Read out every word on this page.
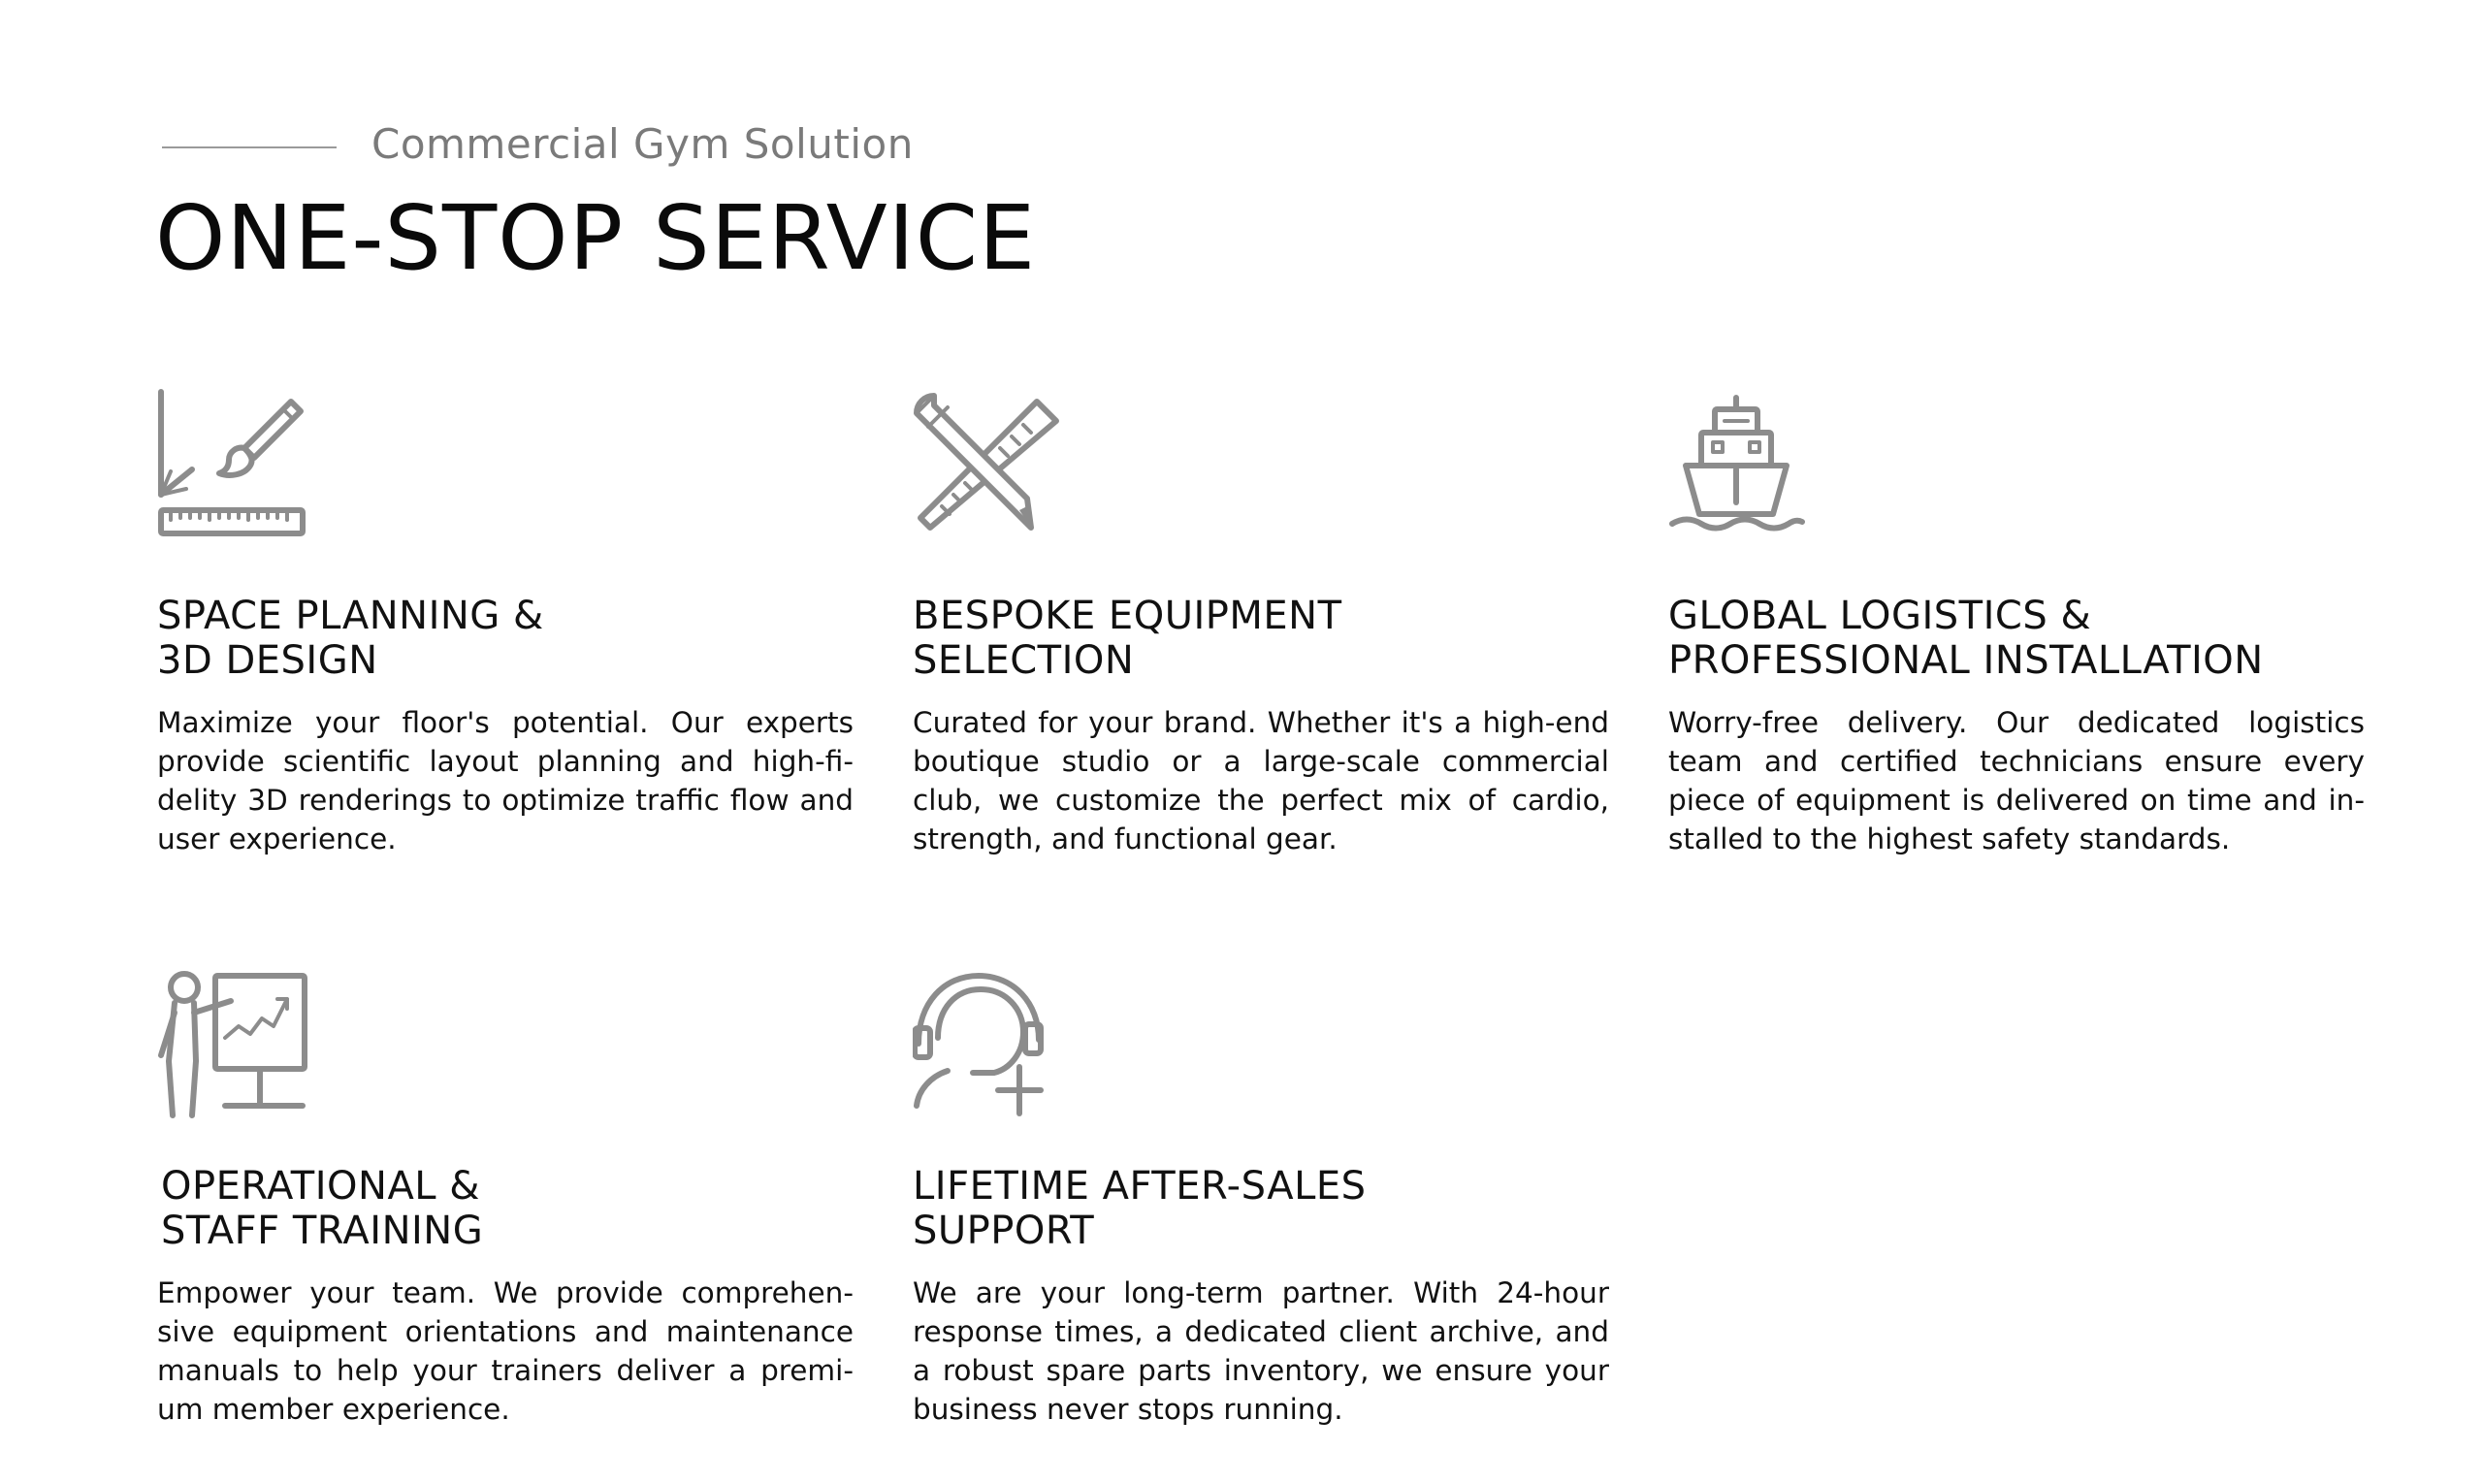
Commercial Gym Solution
ONE-STOP SERVICE
SPACE PLANNING &
3D DESIGN

Maximize your floor's potential. Our experts provide scientific layout planning and high-fi-delity 3D renderings to optimize traffic flow and user experience.

BESPOKE EQUIPMENT
SELECTION

Curated for your brand. Whether it's a high-end boutique studio or a large-scale commercial club, we customize the perfect mix of cardio, strength, and functional gear.

GLOBAL LOGISTICS &
PROFESSIONAL INSTALLATION

Worry-free delivery. Our dedicated logistics team and certified technicians ensure every piece of equipment is delivered on time and in-stalled to the highest safety standards.

OPERATIONAL &
STAFF TRAINING

Empower your team. We provide comprehen-sive equipment orientations and maintenance manuals to help your trainers deliver a premi-um member experience.

LIFETIME AFTER-SALES
SUPPORT

We are your long-term partner. With 24-hour response times, a dedicated client archive, and a robust spare parts inventory, we ensure your business never stops running.
